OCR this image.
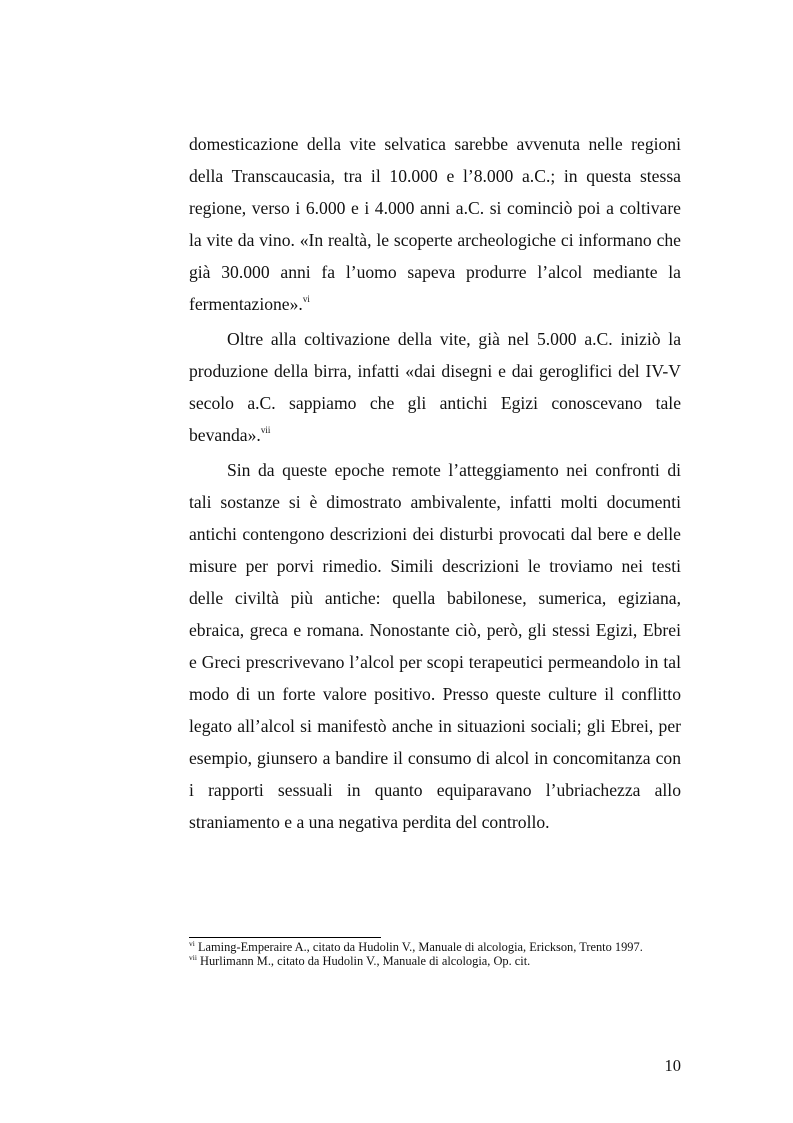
domesticazione della vite selvatica sarebbe avvenuta nelle regioni della Transcaucasia, tra il 10.000 e l’8.000 a.C.; in questa stessa regione, verso i 6.000 e i 4.000 anni a.C. si cominciò poi a coltivare la vite da vino. «In realtà, le scoperte archeologiche ci informano che già 30.000 anni fa l’uomo sapeva produrre l’alcol mediante la fermentazione».$^{vi}$

Oltre alla coltivazione della vite, già nel 5.000 a.C. iniziò la produzione della birra, infatti «dai disegni e dai geroglifici del IV-V secolo a.C. sappiamo che gli antichi Egizi conoscevano tale bevanda».$^{vii}$

Sin da queste epoche remote l’atteggiamento nei confronti di tali sostanze si è dimostrato ambivalente, infatti molti documenti antichi contengono descrizioni dei disturbi provocati dal bere e delle misure per porvi rimedio. Simili descrizioni le troviamo nei testi delle civiltà più antiche: quella babilonese, sumerica, egiziana, ebraica, greca e romana. Nonostante ciò, però, gli stessi Egizi, Ebrei e Greci prescrivevano l’alcol per scopi terapeutici permeandolo in tal modo di un forte valore positivo. Presso queste culture il conflitto legato all’alcol si manifestò anche in situazioni sociali; gli Ebrei, per esempio, giunsero a bandire il consumo di alcol in concomitanza con i rapporti sessuali in quanto equiparavano l’ubriachezza allo straniamento e a una negativa perdita del controllo.

$^{vi}$ Laming-Emperaire A., citato da Hudolin V., Manuale di alcologia, Erickson, Trento 1997.

$^{vii}$ Hurlimann M., citato da Hudolin V., Manuale di alcologia, Op. cit.

10
